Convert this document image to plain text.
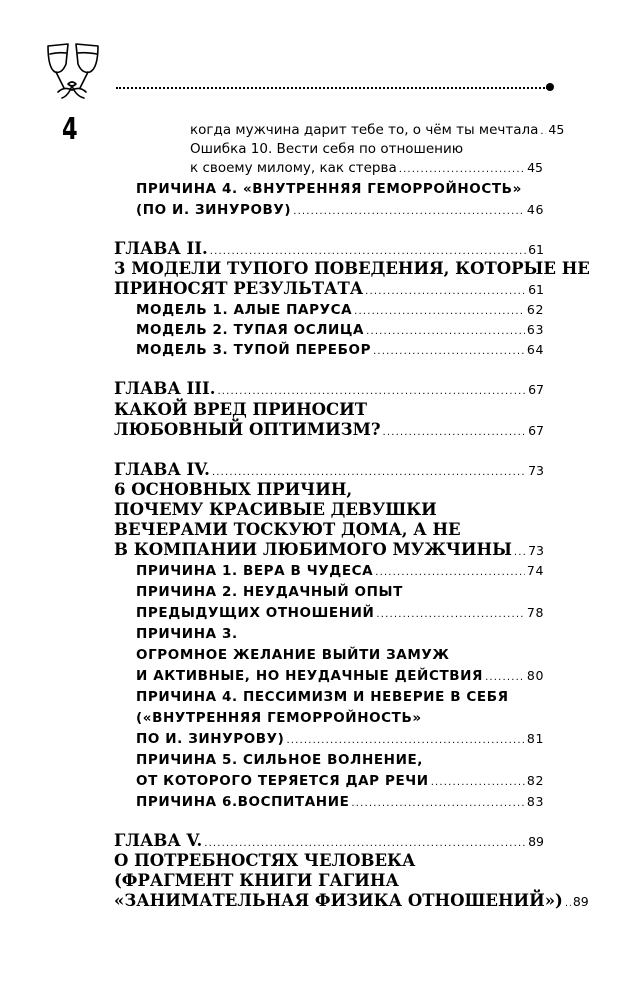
4	когда мужчина дарит тебе то, о чём ты мечтала . . . 45
Ошибка 10. Вести себя по отношению
к своему милому, как стерва . . .	45
ПРИЧИНА 4. «ВНУТРЕННЯЯ ГЕМОРРОЙНОСТЬ»
(ПО И. ЗИНУРОВУ) . . .	46
ГЛАВА II. . . .	61
3 МОДЕЛИ ТУПОГО ПОВЕДЕНИЯ, КОТОРЫЕ НЕ
ПРИНОСЯТ РЕЗУЛЬТАТА . . .	61
МОДЕЛЬ 1. АЛЫЕ ПАРУСА . . .	62
МОДЕЛЬ 2. ТУПАЯ ОСЛИЦА . . .	63
МОДЕЛЬ 3. ТУПОЙ ПЕРЕБОР . . .	64
ГЛАВА III. . . .	67
КАКОЙ ВРЕД ПРИНОСИТ
ЛЮБОВНЫЙ ОПТИМИЗМ? . . .	67
ГЛАВА IV. . . .	73
6 ОСНОВНЫХ ПРИЧИН,
ПОЧЕМУ КРАСИВЫЕ ДЕВУШКИ
ВЕЧЕРАМИ ТОСКУЮТ ДОМА, А НЕ
В КОМПАНИИ ЛЮБИМОГО МУЖЧИНЫ . . . 73
ПРИЧИНА 1. ВЕРА В ЧУДЕСА . . .	74
ПРИЧИНА 2. НЕУДАЧНЫЙ ОПЫТ
ПРЕДЫДУЩИХ ОТНОШЕНИЙ . . .	78
ПРИЧИНА 3.
ОГРОМНОЕ ЖЕЛАНИЕ ВЫЙТИ ЗАМУЖ
И АКТИВНЫЕ, НО НЕУДАЧНЫЕ ДЕЙСТВИЯ . . .	80
ПРИЧИНА 4. ПЕССИМИЗМ И НЕВЕРИЕ В СЕБЯ
(«ВНУТРЕННЯЯ ГЕМОРРОЙНОСТЬ»
ПО И. ЗИНУРОВУ) . . .	81
ПРИЧИНА 5. СИЛЬНОЕ ВОЛНЕНИЕ,
ОТ КОТОРОГО ТЕРЯЕТСЯ ДАР РЕЧИ . . .	82
ПРИЧИНА 6.ВОСПИТАНИЕ . . .	83
ГЛАВА V. . . .	89
О ПОТРЕБНОСТЯХ ЧЕЛОВЕКА
(ФРАГМЕНТ КНИГИ ГАГИНА
«ЗАНИМАТЕЛЬНАЯ ФИЗИКА ОТНОШЕНИЙ») . . . 89
